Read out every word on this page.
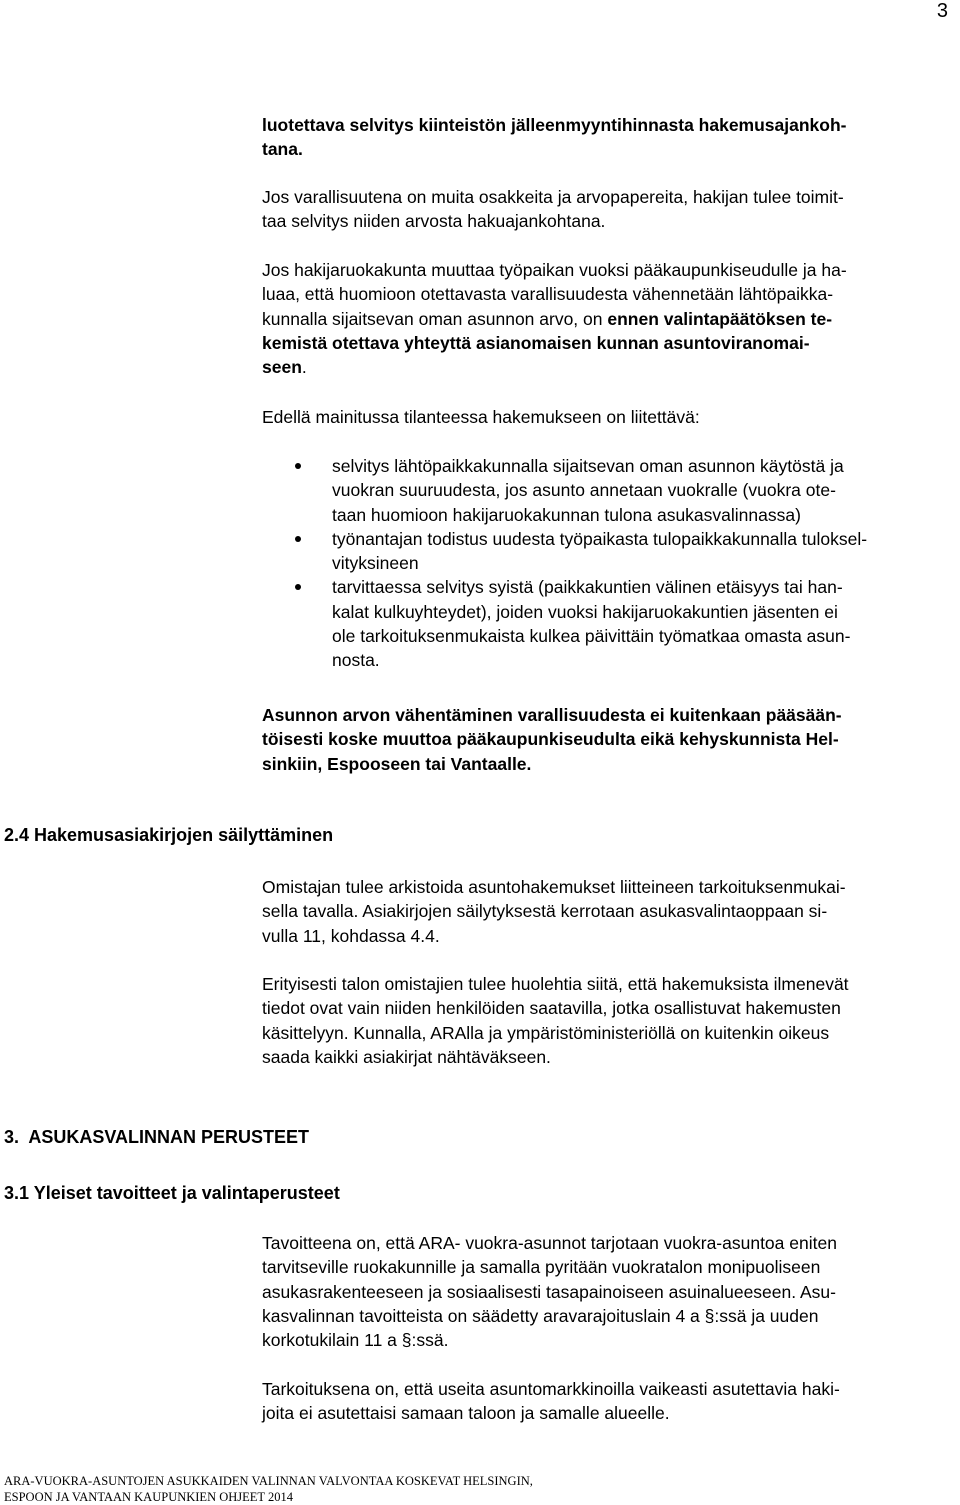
3
luotettava selvitys kiinteistön jälleenmyyntihinnasta hakemusajankoh-
tana.
Jos varallisuutena on muita osakkeita ja arvopapereita, hakijan tulee toimit-
taa selvitys niiden arvosta hakuajankohtana.
Jos hakijaruokakunta muuttaa työpaikan vuoksi pääkaupunkiseudulle ja ha-
luaa, että huomioon otettavasta varallisuudesta vähennetään lähtöpaikka-
kunnalla sijaitsevan oman asunnon arvo, on ennen valintapäätöksen te-
kemistä otettava yhteyttä asianomaisen kunnan asuntoviranomai-
seen.
Edellä mainitussa tilanteessa hakemukseen on liitettävä:
selvitys lähtöpaikkakunnalla sijaitsevan oman asunnon käytöstä ja
vuokran suuruudesta, jos asunto annetaan vuokralle (vuokra ote-
taan huomioon hakijaruokakunnan tulona asukasvalinnassa)
työnantajan todistus uudesta työpaikasta tulopaikkakunnalla tuloksel-
vityksineen
tarvittaessa selvitys syistä (paikkakuntien välinen etäisyys tai han-
kalat kulkuyhteydet), joiden vuoksi hakijaruokakuntien jäsenten ei
ole tarkoituksenmukaista kulkea päivittäin työmatkaa omasta asun-
nosta.
Asunnon arvon vähentäminen varallisuudesta ei kuitenkaan pääsään-
töisesti koske muuttoa pääkaupunkiseudulta eikä kehyskunnista Hel-
sinkiin, Espooseen tai Vantaalle.
2.4 Hakemusasiakirjojen säilyttäminen
Omistajan tulee arkistoida asuntohakemukset liitteineen tarkoituksenmukai-
sella tavalla. Asiakirjojen säilytyksestä kerrotaan asukasvalintaoppaan si-
vulla 11, kohdassa 4.4.
Erityisesti talon omistajien tulee huolehtia siitä, että hakemuksista ilmenevät
tiedot ovat vain niiden henkilöiden saatavilla, jotka osallistuvat hakemusten
käsittelyyn. Kunnalla, ARAlla ja ympäristöministeriöllä on kuitenkin oikeus
saada kaikki asiakirjat nähtäväkseen.
3.  ASUKASVALINNAN PERUSTEET
3.1 Yleiset tavoitteet ja valintaperusteet
Tavoitteena on, että ARA- vuokra-asunnot tarjotaan vuokra-asuntoa eniten
tarvitseville ruokakunnille ja samalla pyritään vuokratalon monipuoliseen
asukasrakenteeseen ja sosiaalisesti tasapainoiseen asuinalueeseen. Asu-
kasvalinnan tavoitteista on säädetty aravarajoituslain 4 a §:ssä ja uuden
korkotukilain 11 a §:ssä.
Tarkoituksena on, että useita asuntomarkkinoilla vaikeasti asutettavia haki-
joita ei asutettaisi samaan taloon ja samalle alueelle.
ARA-VUOKRA-ASUNTOJEN ASUKKAIDEN VALINNAN VALVONTAA KOSKEVAT HELSINGIN,
ESPOON JA VANTAAN KAUPUNKIEN OHJEET 2014
